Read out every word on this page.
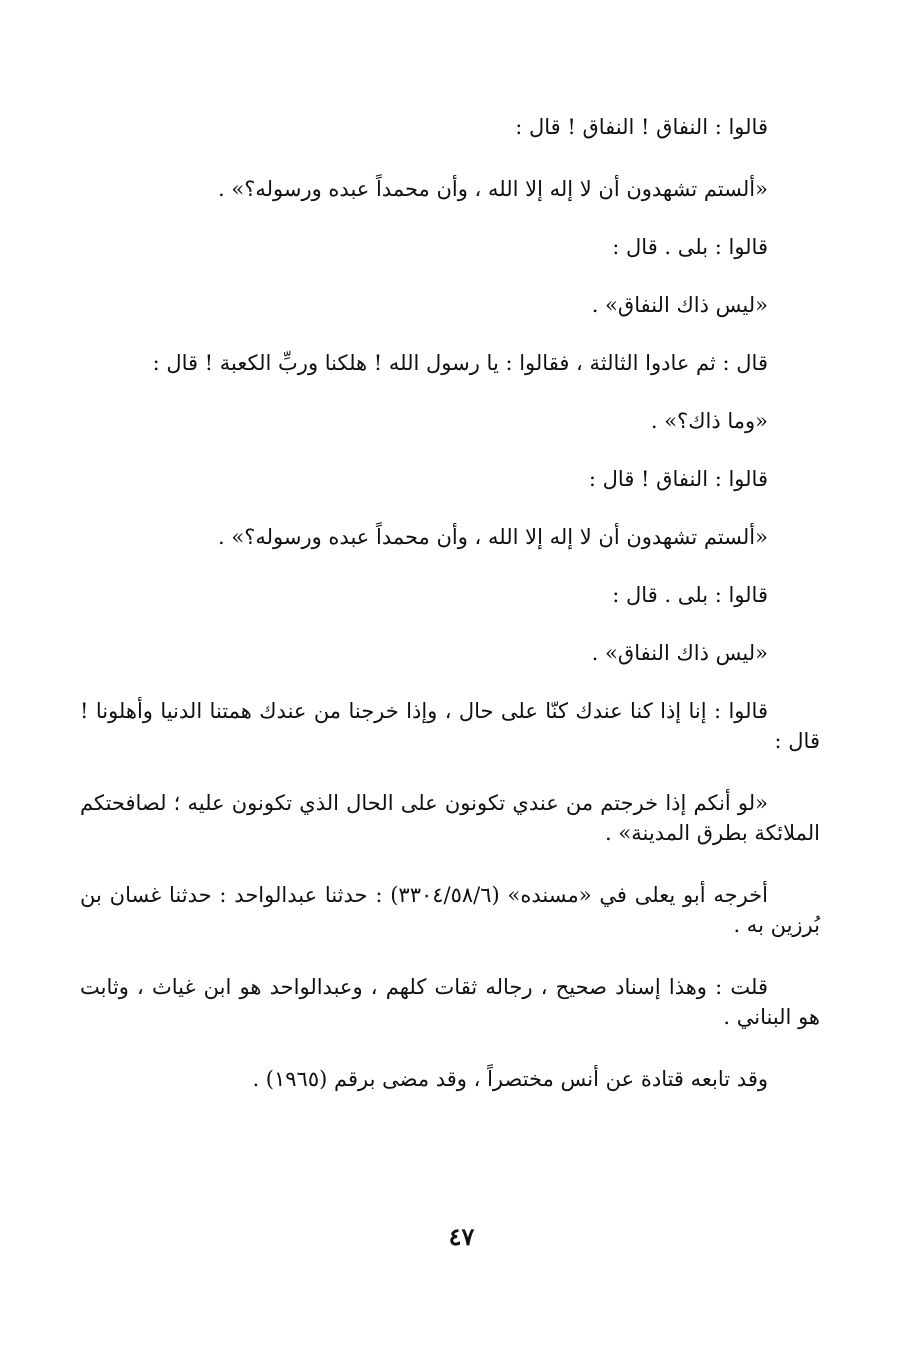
قالوا : النفاق ! النفاق ! قال :
«ألستم تشهدون أن لا إله إلا الله ، وأن محمداً عبده ورسوله؟» .
قالوا : بلى . قال :
«ليس ذاك النفاق» .
قال : ثم عادوا الثالثة ، فقالوا : يا رسول الله ! هلكنا وربِّ الكعبة ! قال :
«وما ذاك؟» .
قالوا : النفاق ! قال :
«ألستم تشهدون أن لا إله إلا الله ، وأن محمداً عبده ورسوله؟» .
قالوا : بلى . قال :
«ليس ذاك النفاق» .
قالوا : إنا إذا كنا عندك كنّا على حال ، وإذا خرجنا من عندك همتنا الدنيا وأهلونا ! قال :
«لو أنكم إذا خرجتم من عندي تكونون على الحال الذي تكونون عليه ؛ لصافحتكم الملائكة بطرق المدينة» .
أخرجه أبو يعلى في «مسنده» (٣٣٠٤/٥٨/٦) : حدثنا عبدالواحد : حدثنا غسان بن بُرزين به .
قلت : وهذا إسناد صحيح ، رجاله ثقات كلهم ، وعبدالواحد هو ابن غياث ، وثابت هو البناني .
وقد تابعه قتادة عن أنس مختصراً ، وقد مضى برقم (١٩٦٥) .
٤٧
